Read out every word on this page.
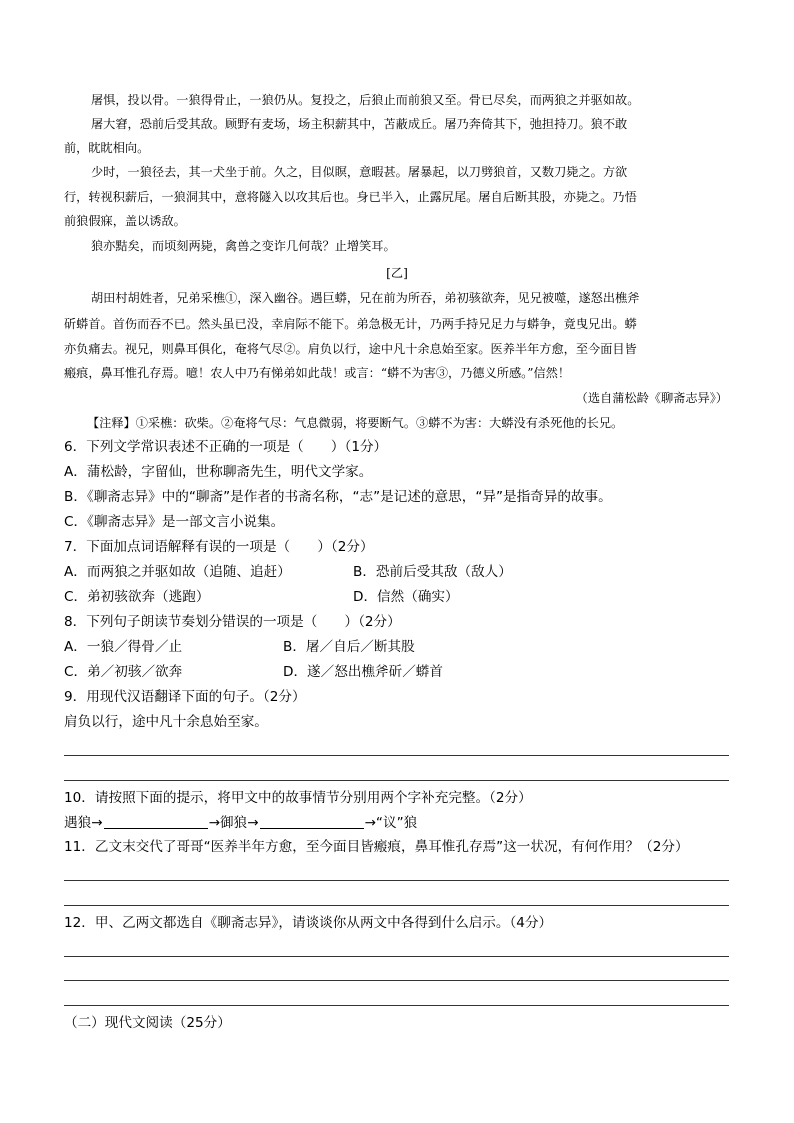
屠惧，投以骨。一狼得骨止，一狼仍从。复投之，后狼止而前狼又至。骨已尽矣，而两狼之并驱如故。
屠大窘，恐前后受其敌。顾野有麦场，场主积薪其中，苫蔽成丘。屠乃奔倚其下，弛担持刀。狼不敢
前，眈眈相向。
少时，一狼径去，其一犬坐于前。久之，目似瞑，意暇甚。屠暴起，以刀劈狼首，又数刀毙之。方欲
行，转视积薪后，一狼洞其中，意将隧入以攻其后也。身已半入，止露尻尾。屠自后断其股，亦毙之。乃悟
前狼假寐，盖以诱敌。
狼亦黠矣，而顷刻两毙，禽兽之变诈几何哉？止增笑耳。
[乙]
胡田村胡姓者，兄弟采樵①，深入幽谷。遇巨蟒，兄在前为所吞，弟初骇欲奔，见兄被噬，遂怒出樵斧
斫蟒首。首伤而吞不已。然头虽已没，幸肩际不能下。弟急极无计，乃两手持兄足力与蟒争，竟曳兄出。蟒
亦负痛去。视兄，则鼻耳俱化，奄将气尽②。肩负以行，途中凡十余息始至家。医养半年方愈，至今面目皆
瘢痕，鼻耳惟孔存焉。噫！农人中乃有悌弟如此哉！或言：“蟒不为害③，乃德义所感。”信然！
（选自蒲松龄《聊斋志异》）
【注释】①采樵：砍柴。②奄将气尽：气息微弱，将要断气。③蟒不为害：大蟒没有杀死他的长兄。
6．下列文学常识表述不正确的一项是（　　）（1分）
A．蒲松龄，字留仙，世称聊斋先生，明代文学家。
B．《聊斋志异》中的“聊斋”是作者的书斋名称，“志”是记述的意思，“异”是指奇异的故事。
C．《聊斋志异》是一部文言小说集。
7．下面加点词语解释有误的一项是（　　）（2分）
A．而两狼之并驱如故（追随、追赶）	B．恐前后受其敌（敌人）
C．弟初骇欲奔（逃跑）	D．信然（确实）
8．下列句子朗读节奏划分错误的一项是（　　）（2分）
A．一狼／得骨／止	B．屠／自后／断其股
C．弟／初骇／欲奔	D．遂／怒出樵斧斫／蟒首
9．用现代汉语翻译下面的句子。（2分）
肩负以行，途中凡十余息始至家。
10．请按照下面的提示，将甲文中的故事情节分别用两个字补充完整。（2分）
遇狼→	→御狼→	→“议”狼
11．乙文末交代了哥哥“医养半年方愈，至今面目皆瘢痕，鼻耳惟孔存焉”这一状况，有何作用？（2分）
12．甲、乙两文都选自《聊斋志异》，请谈谈你从两文中各得到什么启示。（4分）
（二）现代文阅读（25分）
